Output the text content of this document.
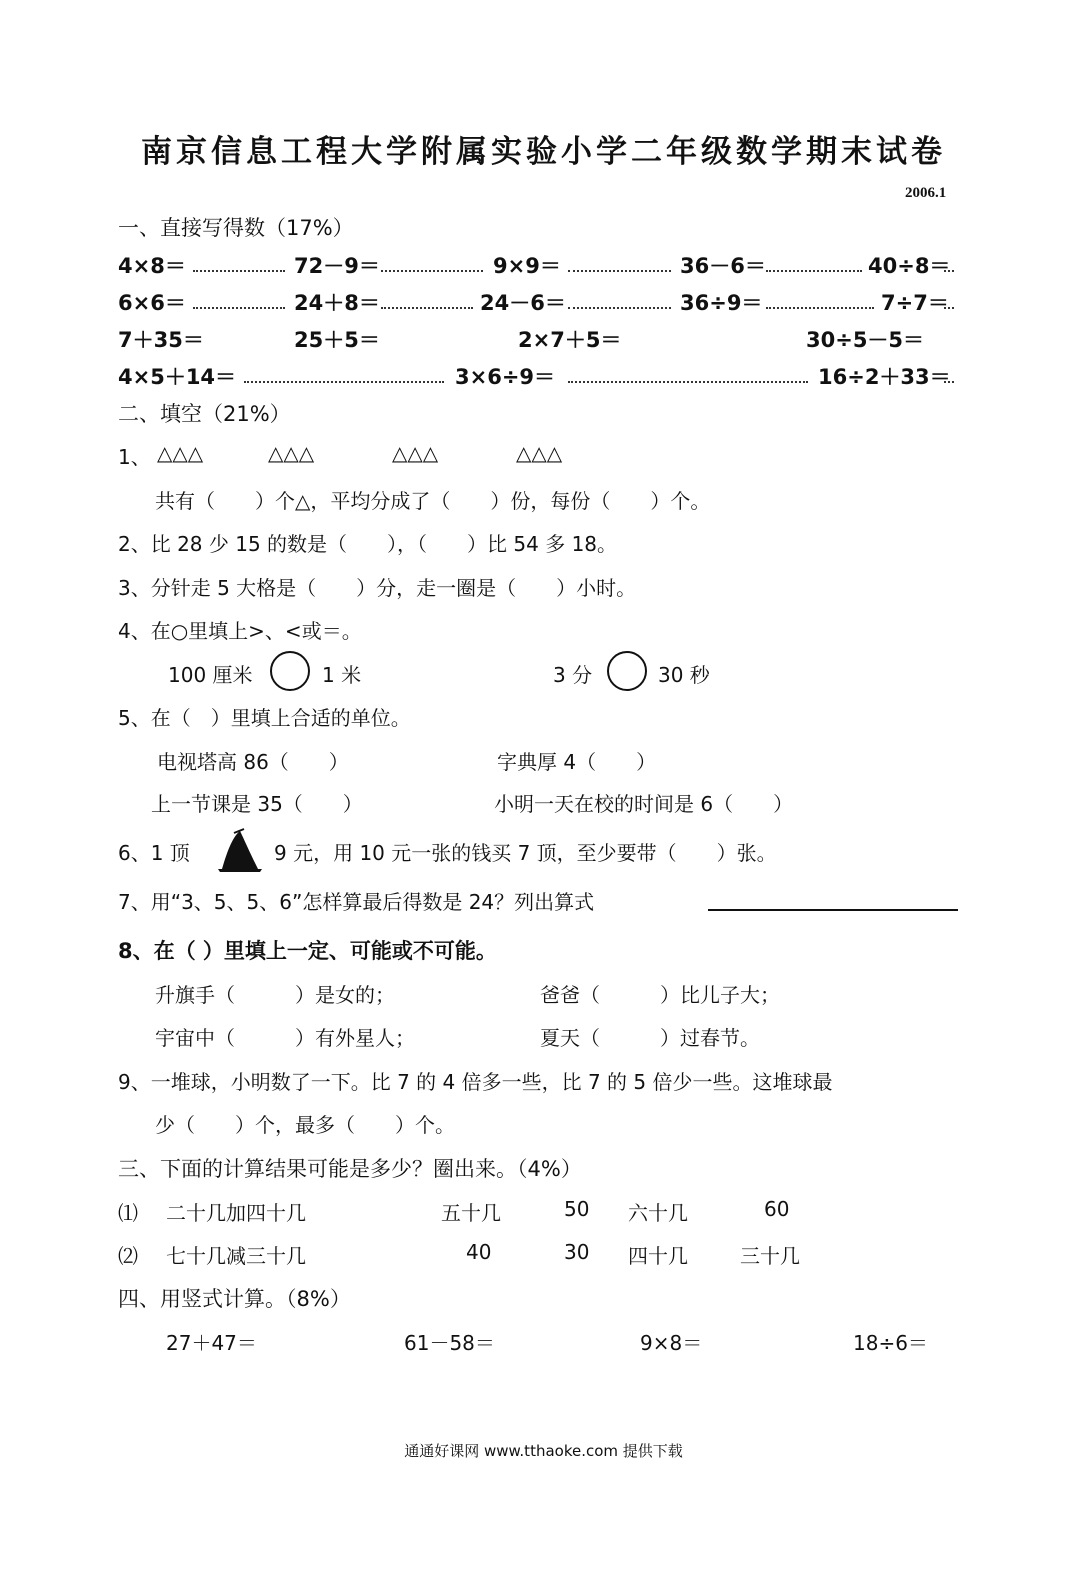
南京信息工程大学附属实验小学二年级数学期末试卷
2006.1
一、直接写得数（17%）
4×8＝	72－9＝	9×9＝	36－6＝	40÷8＝
6×6＝	24＋8＝	24－6＝	36÷9＝	7÷7＝
7＋35＝	25＋5＝	2×7＋5＝	30÷5－5＝
4×5＋14＝	3×6÷9＝	16÷2＋33＝
二、填空（21%）
1、 △△△	△△△	△△△	△△△
共有（　　）个△，平均分成了（　　）份，每份（　　）个。
2、比 28 少 15 的数是（　　），（　　）比 54 多 18。
3、分针走 5 大格是（　　）分，走一圈是（　　）小时。
4、在○里填上>、<或＝。
100 厘米	1 米	3 分	30 秒
5、在（　）里填上合适的单位。
电视塔高 86（　　）	字典厚 4（　　）
上一节课是 35（　　）	小明一天在校的时间是 6（　　）
6、1 顶	9 元，用 10 元一张的钱买 7 顶，至少要带（　　）张。
7、用“3、5、5、6”怎样算最后得数是 24？列出算式
8、在（ ）里填上一定、可能或不可能。
升旗手（　　　）是女的；	爸爸（　　　）比儿子大；
宇宙中（　　　）有外星人；	夏天（　　　）过春节。
9、一堆球，小明数了一下。比 7 的 4 倍多一些，比 7 的 5 倍少一些。这堆球最
少（　　）个，最多（　　）个。
三、下面的计算结果可能是多少？圈出来。（4%）
⑴ 二十几加四十几	五十几	50 六十几	60
⑵ 七十几减三十几	40	30 四十几	三十几
四、用竖式计算。（8%）
27＋47＝	61－58＝	9×8＝	18÷6＝
通通好课网 www.tthaoke.com 提供下载
